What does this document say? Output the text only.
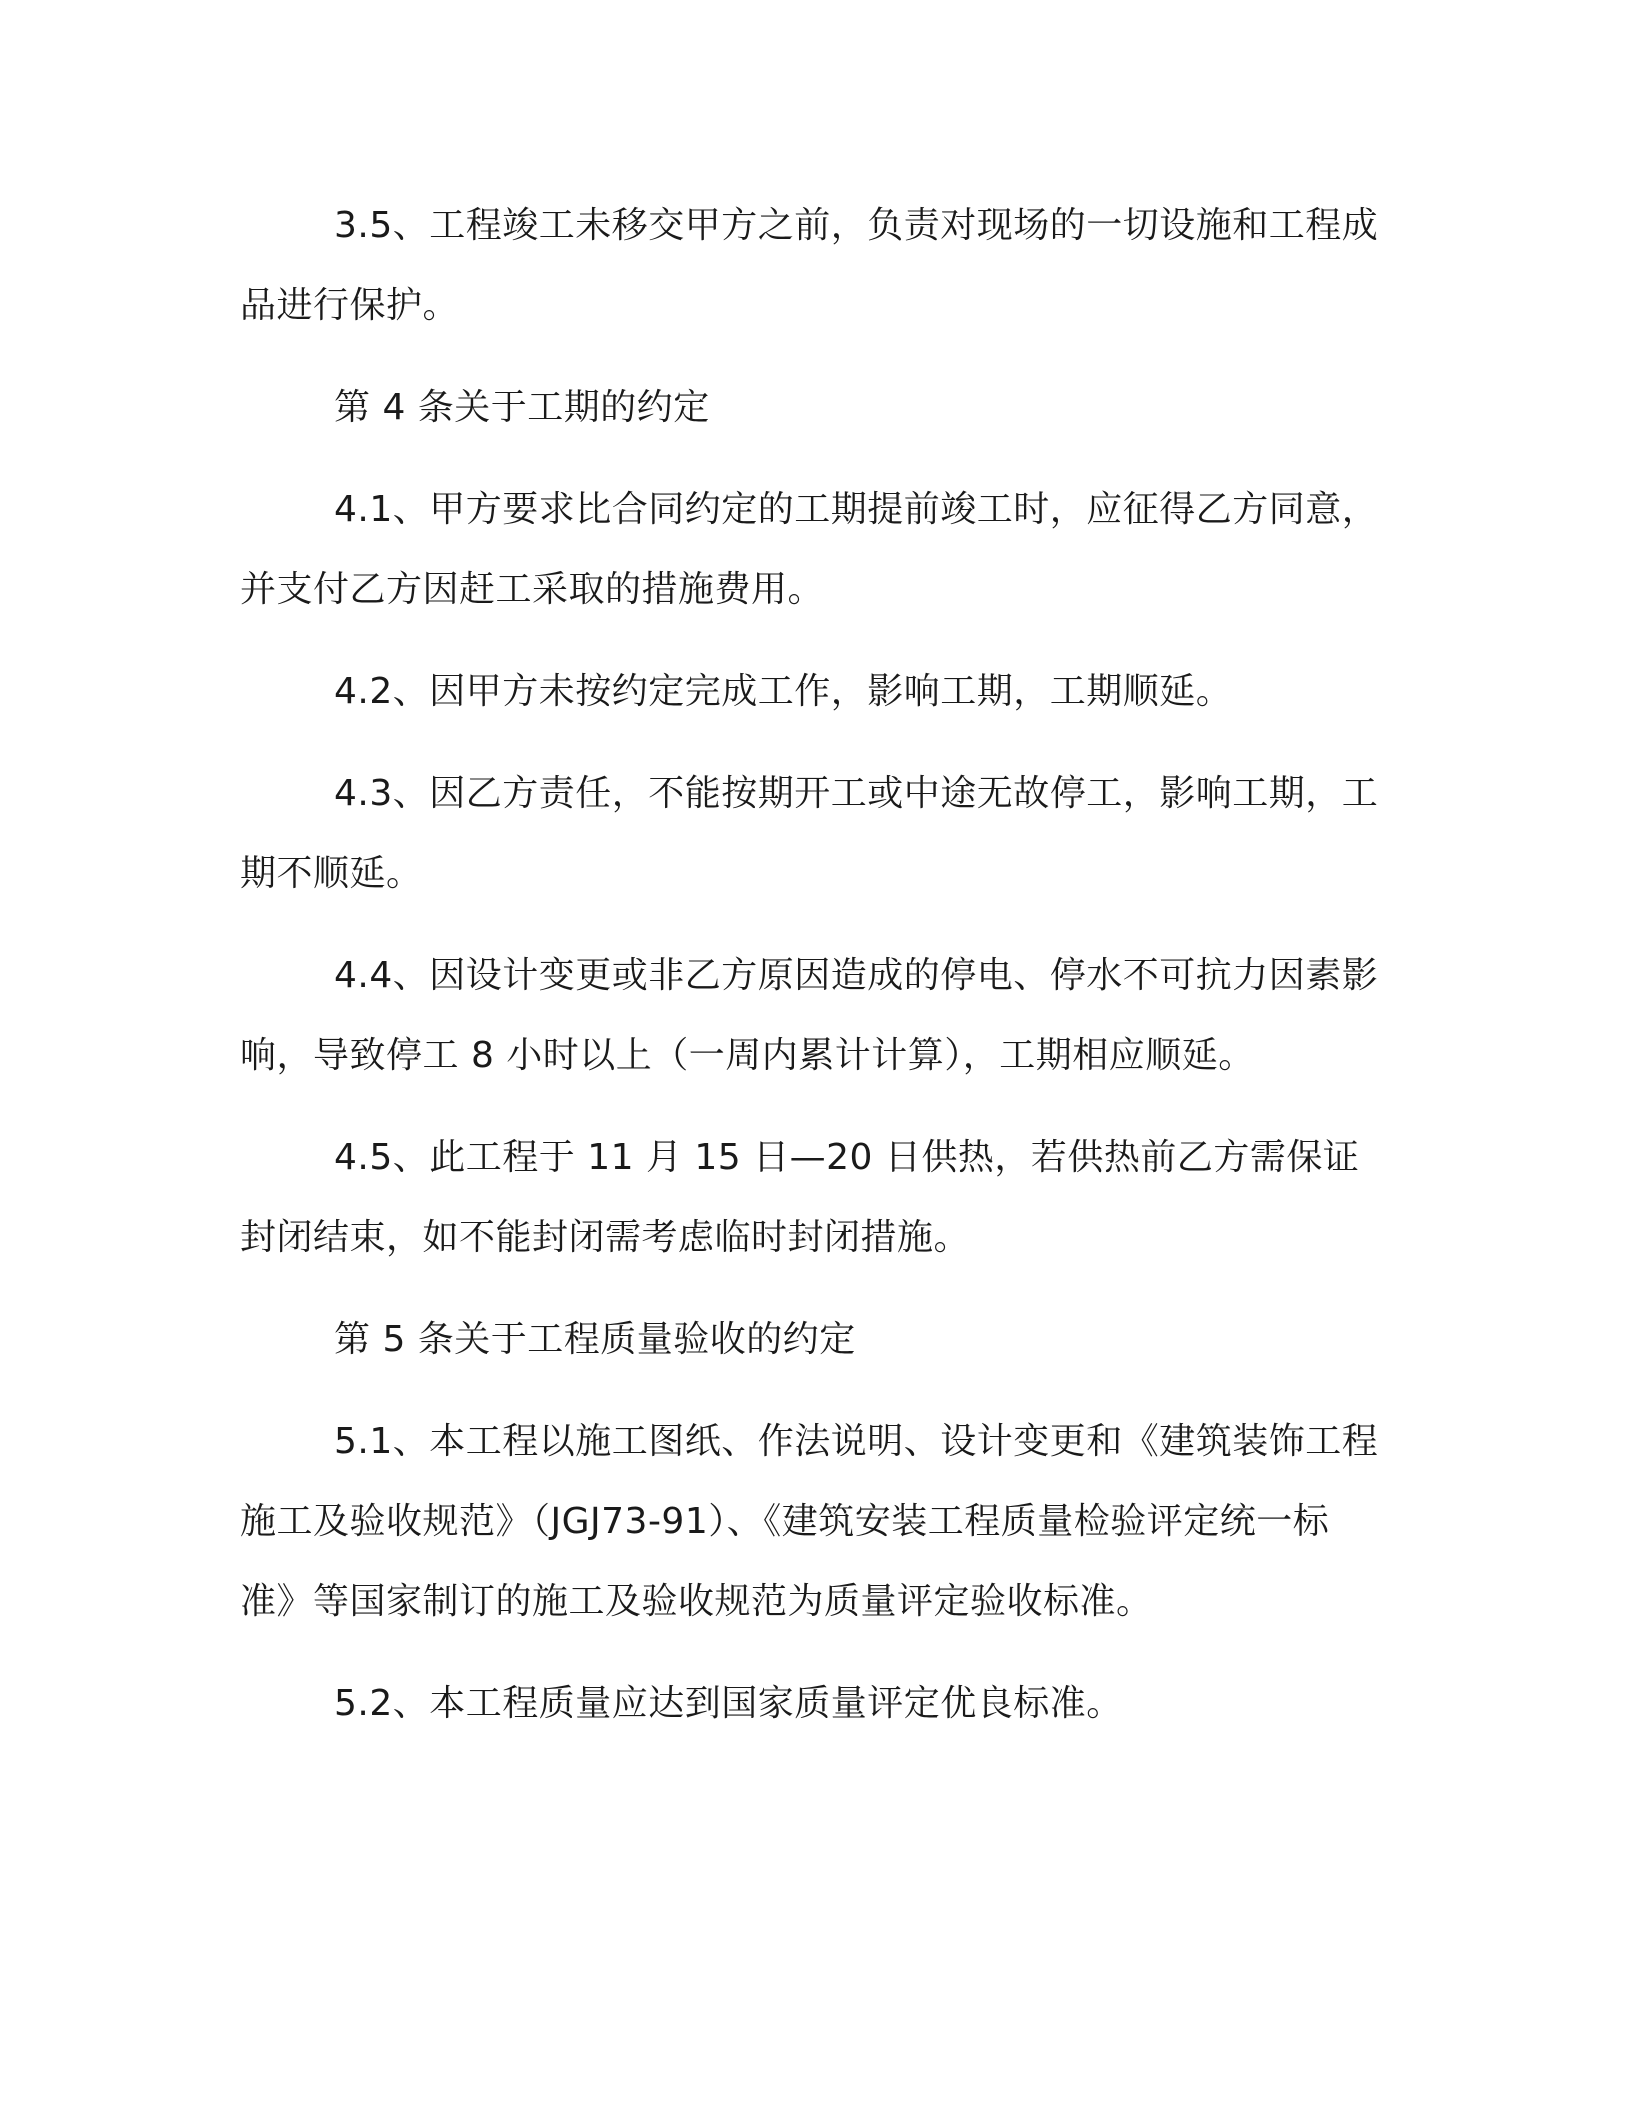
3.5、工程竣工未移交甲方之前，负责对现场的一切设施和工程成品进行保护。

第 4 条关于工期的约定

4.1、甲方要求比合同约定的工期提前竣工时，应征得乙方同意，并支付乙方因赶工采取的措施费用。

4.2、因甲方未按约定完成工作，影响工期，工期顺延。

4.3、因乙方责任，不能按期开工或中途无故停工，影响工期，工期不顺延。

4.4、因设计变更或非乙方原因造成的停电、停水不可抗力因素影响，导致停工 8 小时以上（一周内累计计算），工期相应顺延。

4.5、此工程于 11 月 15 日—20 日供热，若供热前乙方需保证封闭结束，如不能封闭需考虑临时封闭措施。

第 5 条关于工程质量验收的约定

5.1、本工程以施工图纸、作法说明、设计变更和《建筑装饰工程施工及验收规范》（JGJ73-91）、《建筑安装工程质量检验评定统一标准》等国家制订的施工及验收规范为质量评定验收标准。

5.2、本工程质量应达到国家质量评定优良标准。
